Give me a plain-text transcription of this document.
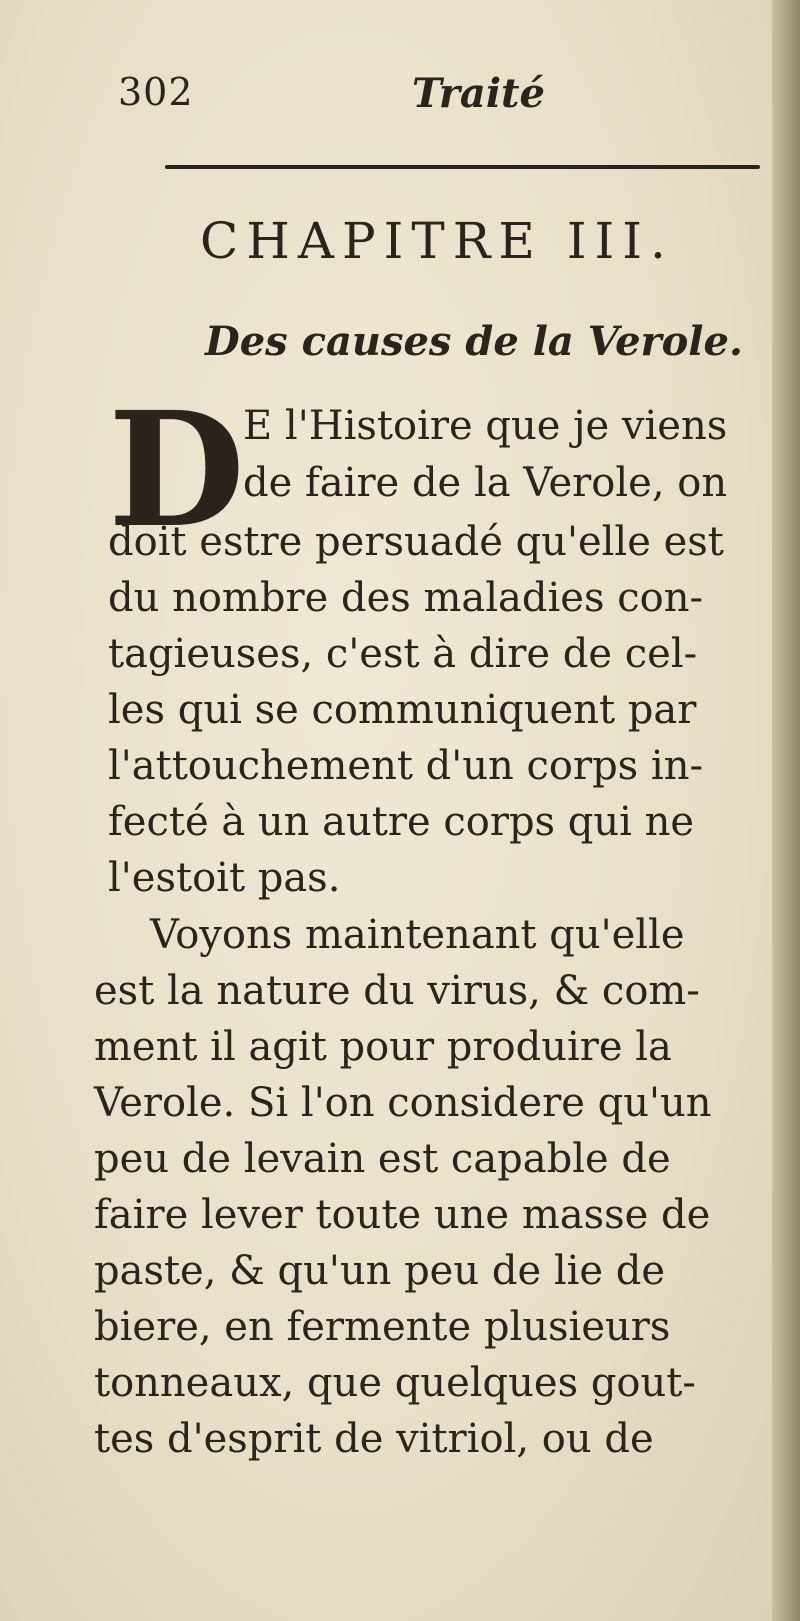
302	Traité
CHAPITRE III.
Des causes de la Verole.
D
E l'Histoire que je viens
de faire de la Verole, on
doit estre persuadé qu'elle est
du nombre des maladies con-
tagieuses, c'est à dire de cel-
les qui se communiquent par
l'attouchement d'un corps in-
fecté à un autre corps qui ne
l'estoit pas.
Voyons maintenant qu'elle
est la nature du virus, & com-
ment il agit pour produire la
Verole. Si l'on considere qu'un
peu de levain est capable de
faire lever toute une masse de
paste, & qu'un peu de lie de
biere, en fermente plusieurs
tonneaux, que quelques gout-
tes d'esprit de vitriol, ou de
